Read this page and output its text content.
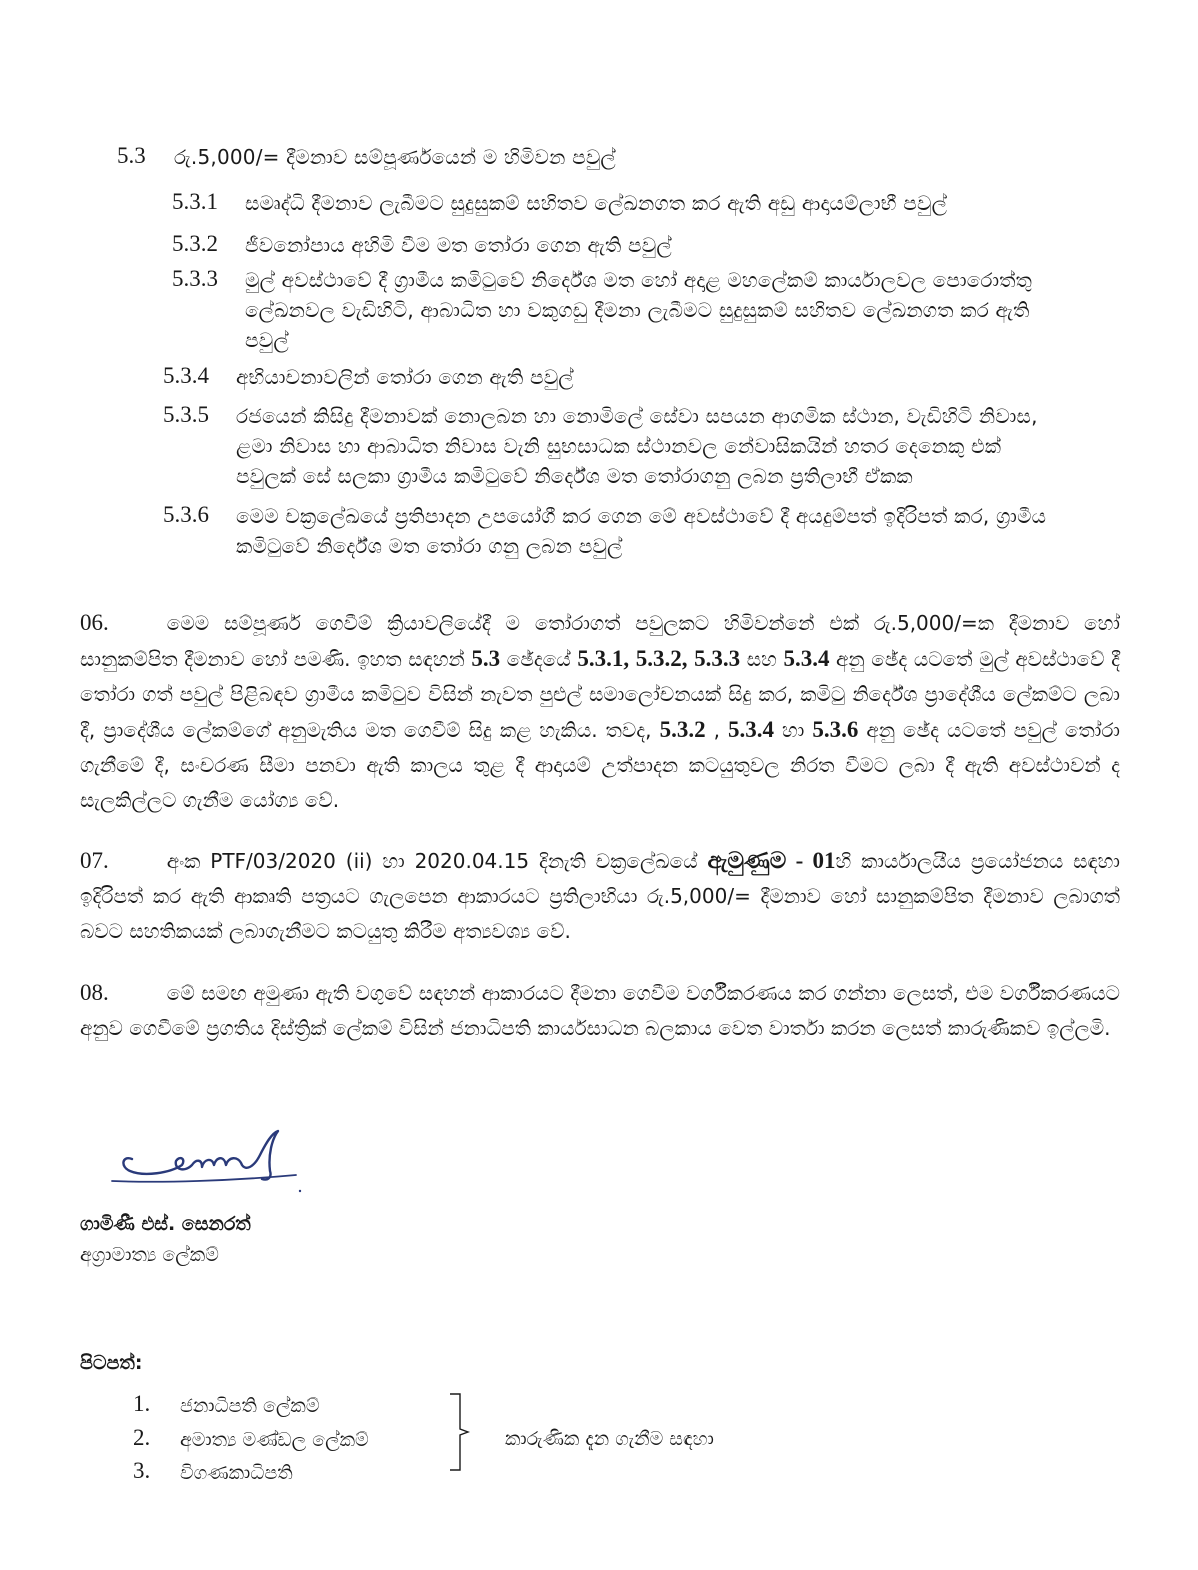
5.3 රු.5,000/= දීමනාව සම්පූර්ණයෙන් ම හිමිවන පවුල්
5.3.1 සමෘද්ධි දීමනාව ලැබීමට සුදුසුකම් සහිතව ලේඛනගත කර ඇති අඩු ආදායම්ලාභී පවුල්
5.3.2 ජීවනෝපාය අහිමි වීම මත තෝරා ගෙන ඇති පවුල්
5.3.3 මුල් අවස්ථාවේ දී ග්‍රාමීය කමිටුවේ නිර්දේශ මත හෝ අදාළ මහලේකම් කාර්යාලවල පොරොත්තු
ලේඛනවල වැඩිහිටි, ආබාධිත හා වකුගඩු දීමනා ලැබීමට සුදුසුකම් සහිතව ලේඛනගත කර ඇති
පවුල්
5.3.4 අභියාචනාවලින් තෝරා ගෙන ඇති පවුල්
5.3.5 රජයෙන් කිසිදු දීමනාවක් නොලබන හා නොමිලේ සේවා සපයන ආගමික ස්ථාන, වැඩිහිටි නිවාස,
ළමා නිවාස හා ආබාධිත නිවාස වැනි සුභසාධක ස්ථානවල නේවාසිකයින් හතර දෙනෙකු එක්
පවුලක් සේ සලකා ග්‍රාමීය කමිටුවේ නිර්දේශ මත තෝරාගනු ලබන ප්‍රතිලාභී ඒකක
5.3.6 මෙම චක්‍රලේඛයේ ප්‍රතිපාදන උපයෝගී කර ගෙන මේ අවස්ථාවේ දී අයදුම්පත් ඉදිරිපත් කර, ග්‍රාමීය
කමිටුවේ නිර්දේශ මත තෝරා ගනු ලබන පවුල්
06.	මෙම සම්පූර්ණ ගෙවීම් ක්‍රියාවලියේදී ම තෝරාගත් පවුලකට හිමිවන්නේ එක් රු.5,000/=ක දීමනාව හෝ සානුකම්පිත දීමනාව හෝ පමණි. ඉහත සඳහන් 5.3 ඡේදයේ 5.3.1, 5.3.2, 5.3.3 සහ 5.3.4 අනු ඡේද යටතේ මුල් අවස්ථාවේ දී තෝරා ගත් පවුල් පිළිබඳව ග්‍රාමීය කමිටුව විසින් නැවත පුළුල් සමාලෝචනයක් සිදු කර, කමිටු නිර්දේශ ප්‍රාදේශීය ලේකම්ට ලබා දී, ප්‍රාදේශීය ලේකම්ගේ අනුමැතිය මත ගෙවීම් සිදු කළ හැකිය. තවද, 5.3.2 , 5.3.4 හා 5.3.6 අනු ඡේද යටතේ පවුල් තෝරා ගැනීමේ දී, සංචරණ සීමා පනවා ඇති කාලය තුළ දී ආදායම් උත්පාදන කටයුතුවල නිරත වීමට ලබා දී ඇති අවස්ථාවන් ද සැලකිල්ලට ගැනීම යෝග්‍ය වේ.
07.	අංක PTF/03/2020 (ii) හා 2020.04.15 දිනැති චක්‍රලේඛයේ ඇමුණුම - 01හි කාර්යාලයීය ප්‍රයෝජනය සඳහා ඉදිරිපත් කර ඇති ආකෘති පත්‍රයට ගැලපෙන ආකාරයට ප්‍රතිලාභියා රු.5,000/= දීමනාව හෝ සානුකම්පිත දීමනාව ලබාගත් බවට සහතිකයක් ලබාගැනීමට කටයුතු කිරීම අත්‍යවශ්‍ය වේ.
08.	මේ සමඟ අමුණා ඇති වගුවේ සඳහන් ආකාරයට දීමනා ගෙවීම වර්ගීකරණය කර ගන්නා ලෙසත්, එම වර්ගීකරණයට අනුව ගෙවීමේ ප්‍රගතිය දිස්ත්‍රික් ලේකම් විසින් ජනාධිපති කාර්යසාධන බලකාය වෙත වාර්තා කරන ලෙසත් කාරුණිකව ඉල්ලමි.
ගාමිණී එස්. සෙනරත්
අග්‍රාමාත්‍ය ලේකම්
පිටපත්:
1. ජනාධිපති ලේකම්
2. අමාත්‍ය මණ්ඩල ලේකම්
3. විගණකාධිපති
කාරුණික දැන ගැනීම සඳහා
